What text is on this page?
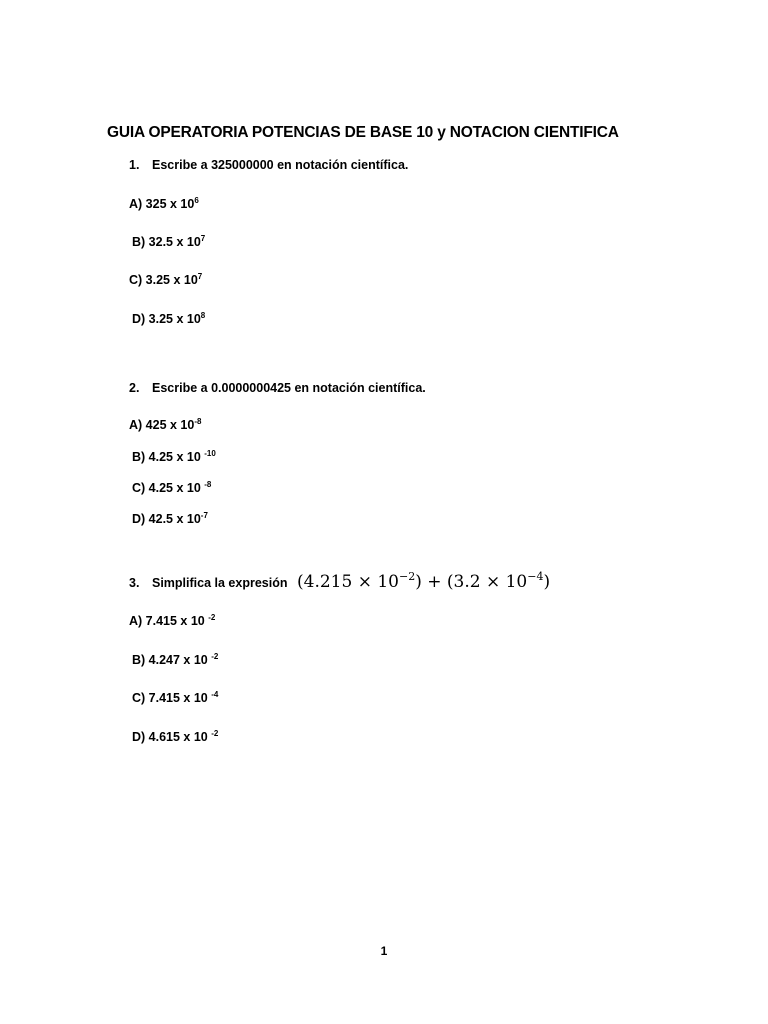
GUIA OPERATORIA POTENCIAS DE BASE 10 y NOTACION CIENTIFICA
1. Escribe a 325000000 en notación científica.
A) 325 x $10^6$
B) 32.5 x $10^7$
C) 3.25 x $10^7$
D) 3.25 x $10^8$
2. Escribe a 0.0000000425 en notación científica.
A) 425 x $10^{-8}$
B) 4.25 x 10 $^{-10}$
C) 4.25 x 10 $^{-8}$
D) 42.5 x $10^{-7}$
3. Simplifica la expresión $(4.215 \times 10^{-2}) + (3.2 \times 10^{-4})$
A) 7.415 x 10 $^{-2}$
B) 4.247 x 10 $^{-2}$
C) 7.415 x 10 $^{-4}$
D) 4.615 x 10 $^{-2}$
1
